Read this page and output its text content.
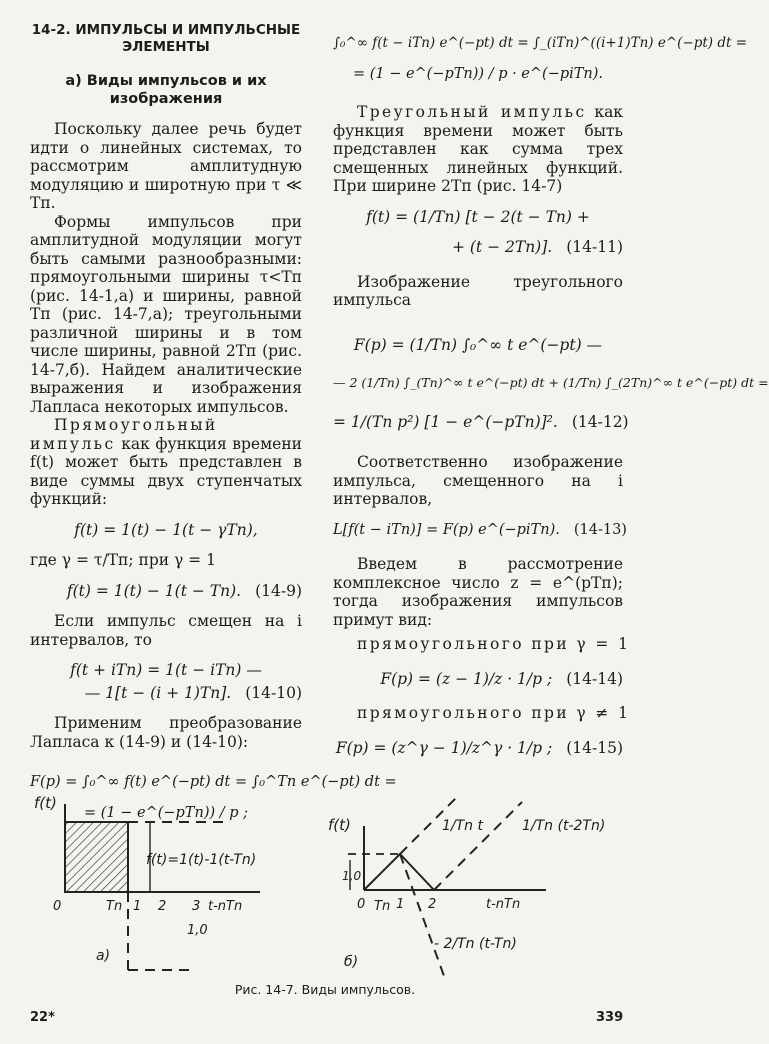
14-2. ИМПУЛЬСЫ И ИМПУЛЬСНЫЕ ЭЛЕМЕНТЫ
а) Виды импульсов и их изображения

Поскольку далее речь будет идти о линейных системах, то рассмотрим амплитудную модуляцию и широтную при τ ≪ Tп.

Формы импульсов при амплитудной модуляции могут быть самыми разнообразными: прямоугольными ширины τ<Tп (рис. 14-1,а) и ширины, равной Tп (рис. 14-7,а); треугольными различной ширины и в том числе ширины, равной 2Tп (рис. 14-7,б). Найдем аналитические выражения и изображения Лапласа некоторых импульсов.

Прямоугольный импульс как функция времени f(t) может быть представлен в виде суммы двух ступенчатых функций:

f(t) = 1(t) − 1(t − γTп),

где γ = τ/Tп; при γ = 1

f(t) = 1(t) − 1(t − Tп). (14-9)

Если импульс смещен на i интервалов, то

f(t + iTп) = 1(t − iTп) —
— 1[t − (i + 1)Tп]. (14-10)

Применим преобразование Лапласа к (14-9) и (14-10):

F(p) = ∫₀^∞ f(t) e^(−pt) dt = ∫₀^Tп e^(−pt) dt =
= (1 − e^(−pTп)) / p ;
∫₀^∞ f(t − iTп) e^(−pt) dt = ∫_(iTп)^((i+1)Tп) e^(−pt) dt =
= (1 − e^(−pTп)) / p · e^(−piTп).

Треугольный импульс как функция времени может быть представлен как сумма трех смещенных линейных функций. При ширине 2Tп (рис. 14-7)

f(t) = (1/Tп) [t − 2(t − Tп) +
+ (t − 2Tп)]. (14-11)

Изображение треугольного импульса

F(p) = (1/Tп) ∫₀^∞ t e^(−pt) —
— 2 (1/Tп) ∫_(Tп)^∞ t e^(−pt) dt + (1/Tп) ∫_(2Tп)^∞ t e^(−pt) dt =
= 1/(Tп p²) [1 − e^(−pTп)]². (14-12)

Соответственно изображение импульса, смещенного на i интервалов,

L[f(t − iTп)] = F(p) e^(−piTп). (14-13)

Введем в рассмотрение комплексное число z = e^(pTп); тогда изображения импульсов примут вид:

прямоугольного при γ = 1
F(p) = (z − 1)/z · 1/p ; (14-14)
прямоугольного при γ ≠ 1
F(p) = (z^γ − 1)/z^γ · 1/p ; (14-15)
f(t)
f(t)=1(t)-1(t-Tn)
0	Tn 1 2 3 t-nTn
1,0
а)
f(t)
1,0
0 Tn 1 2	t-nTn
1/Tn t	1/Tn (t-2Tn)
- 2/Tn (t-Tn)
б)
Рис. 14-7. Виды импульсов.
22*	339
